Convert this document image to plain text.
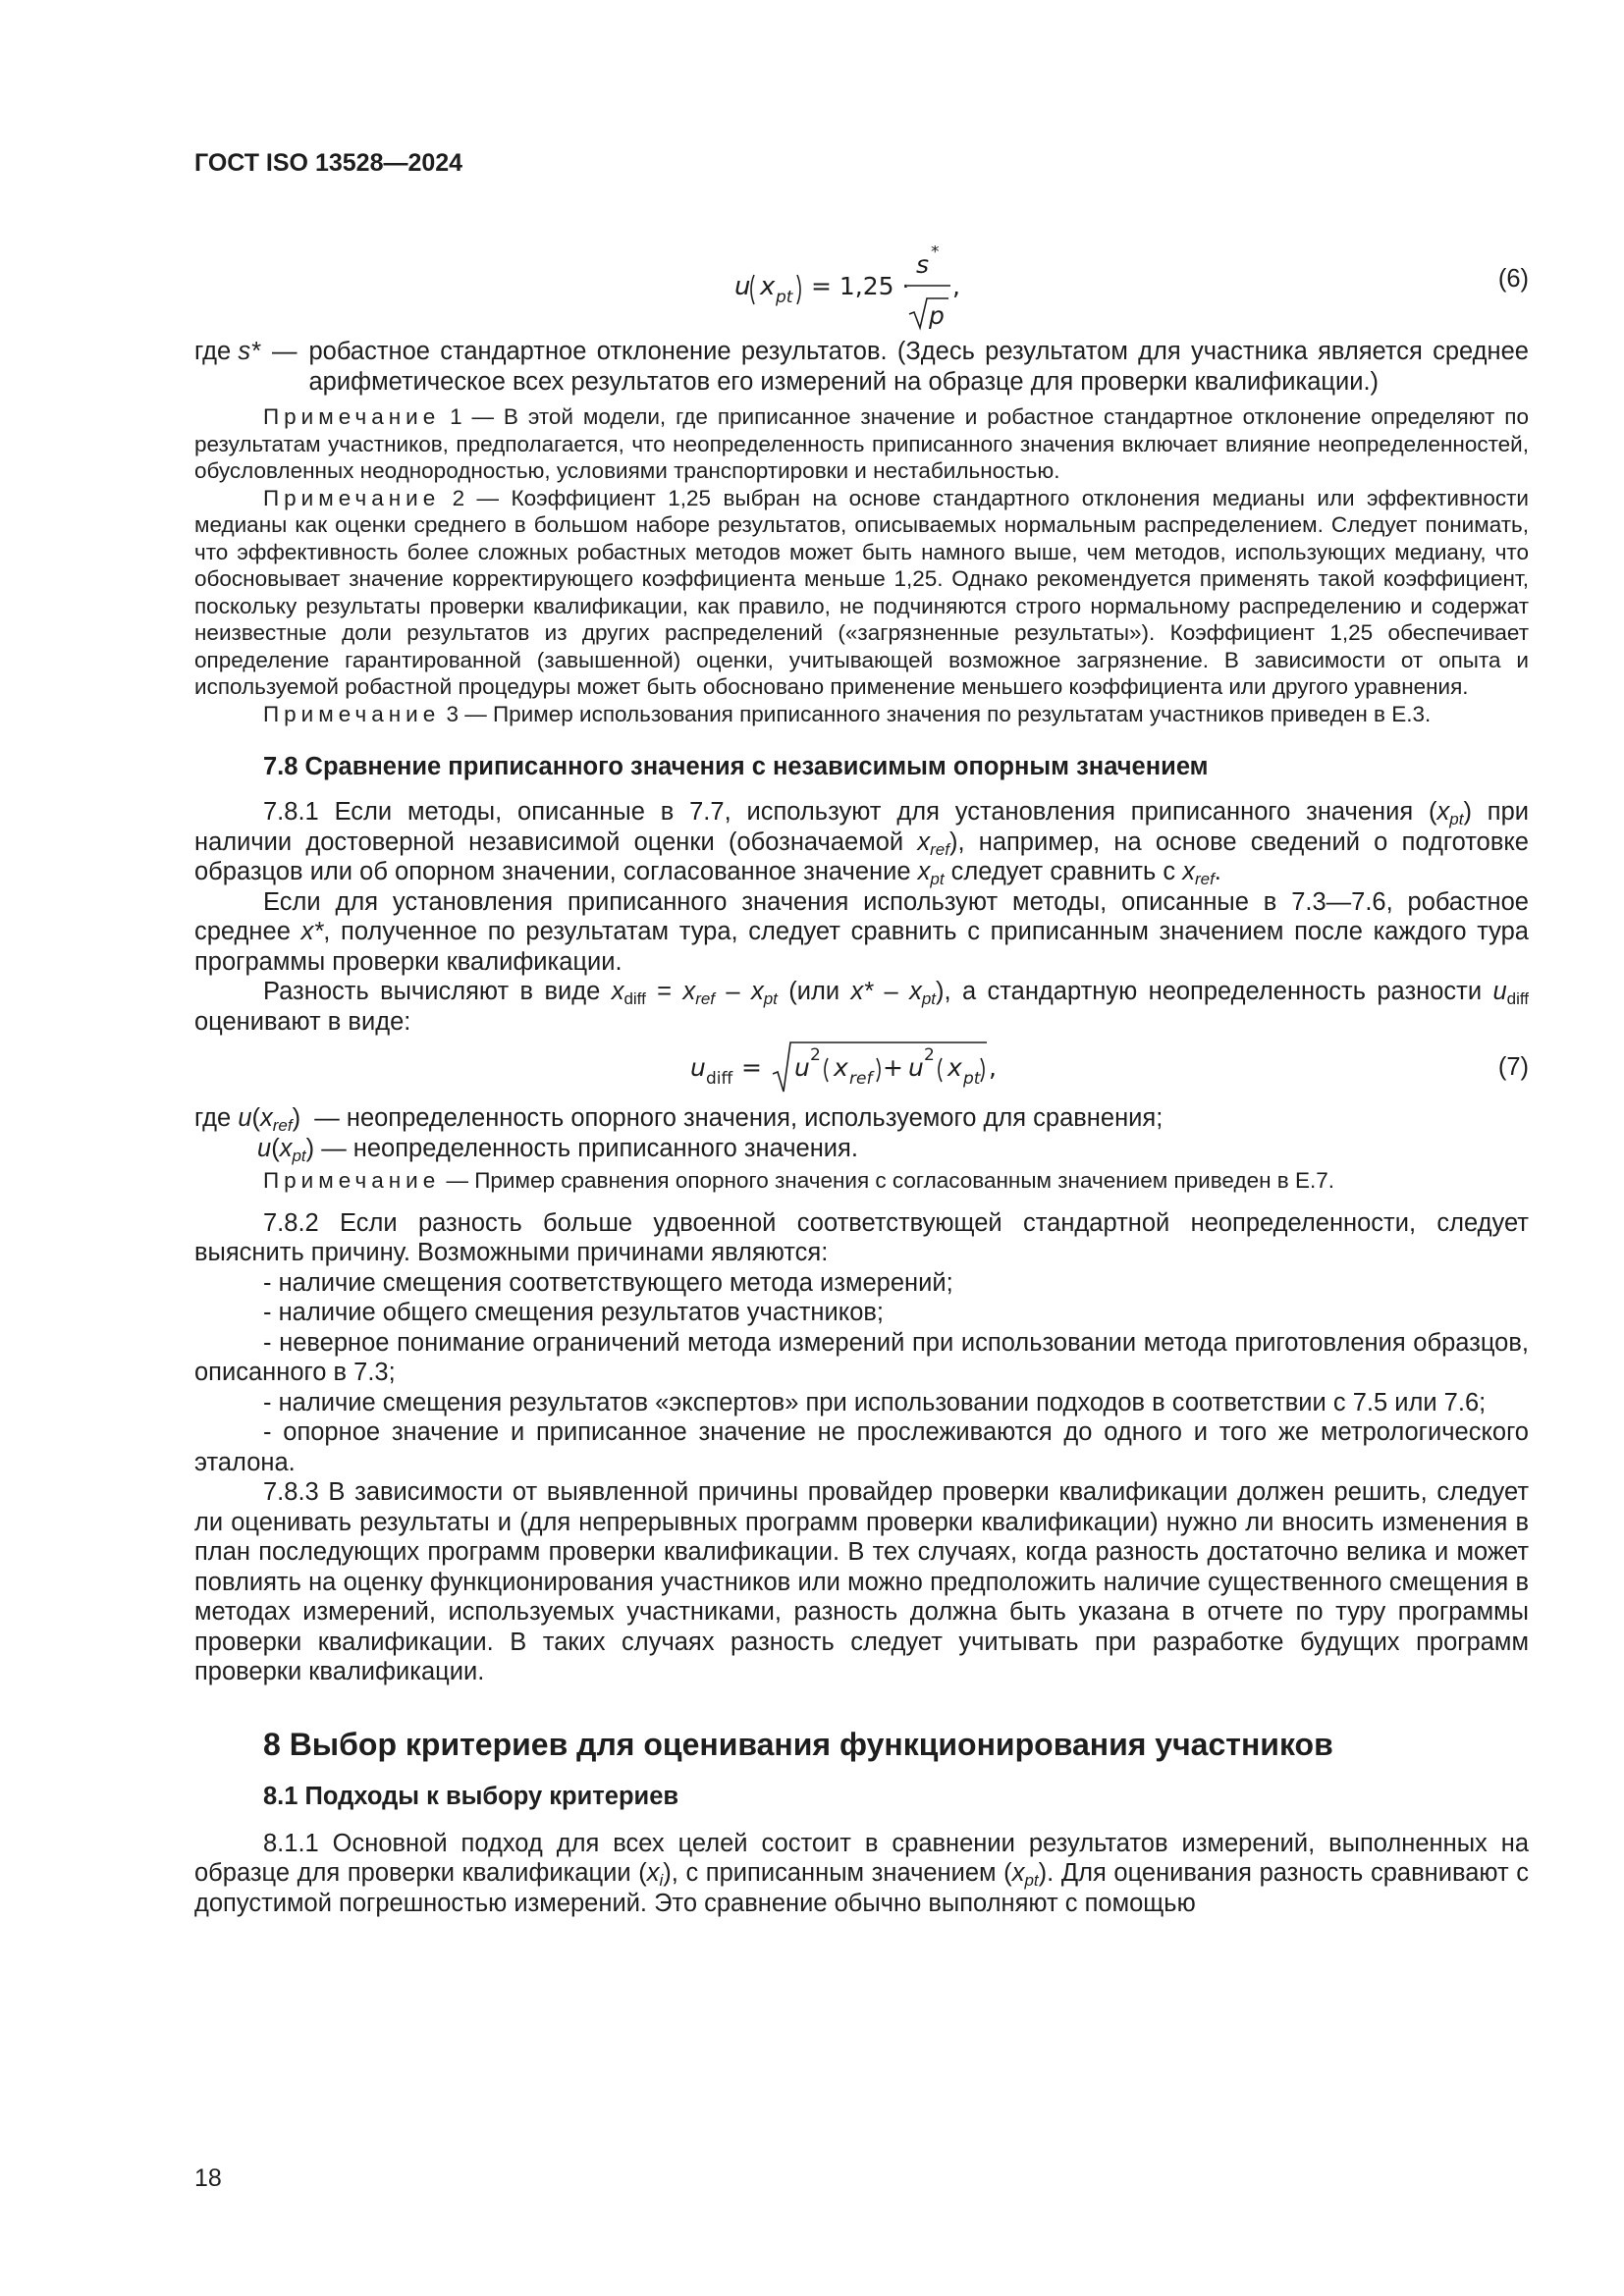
ГОСТ ISO 13528—2024
u x pt = 1,25 ·
s *
p
,	(6)
где s* — робастное стандартное отклонение результатов. (Здесь результатом для участника является среднее арифметическое всех результатов его измерений на образце для проверки квалификации.)

Примечание 1 — В этой модели, где приписанное значение и робастное стандартное отклонение определяют по результатам участников, предполагается, что неопределенность приписанного значения включает влияние неопределенностей, обусловленных неоднородностью, условиями транспортировки и нестабильностью.

Примечание 2 — Коэффициент 1,25 выбран на основе стандартного отклонения медианы или эффективности медианы как оценки среднего в большом наборе результатов, описываемых нормальным распределением. Следует понимать, что эффективность более сложных робастных методов может быть намного выше, чем методов, использующих медиану, что обосновывает значение корректирующего коэффициента меньше 1,25. Однако рекомендуется применять такой коэффициент, поскольку результаты проверки квалификации, как правило, не подчиняются строго нормальному распределению и содержат неизвестные доли результатов из других распределений («загрязненные результаты»). Коэффициент 1,25 обеспечивает определение гарантированной (завышенной) оценки, учитывающей возможное загрязнение. В зависимости от опыта и используемой робастной процедуры может быть обосновано применение меньшего коэффициента или другого уравнения.

Примечание 3 — Пример использования приписанного значения по результатам участников приведен в Е.3.

7.8 Сравнение приписанного значения с независимым опорным значением

7.8.1 Если методы, описанные в 7.7, используют для установления приписанного значения $(x_{pt})$ при наличии достоверной независимой оценки (обозначаемой $x_{ref}$), например, на основе сведений о подготовке образцов или об опорном значении, согласованное значение $x_{pt}$ следует сравнить с $x_{ref}$.

Если для установления приписанного значения используют методы, описанные в 7.3—7.6, робастное среднее x*, полученное по результатам тура, следует сравнить с приписанным значением после каждого тура программы проверки квалификации.

Разность вычисляют в виде $x_{diff} = x_{ref} - x_{pt}$ (или $x* - x_{pt}$), а стандартную неопределенность разности $u_{diff}$ оценивают в виде:

u diff = u 2 x ref + u 2 x pt ,	(7)

где $u(x_{ref})$  — неопределенность опорного значения, используемого для сравнения;

$u(x_{pt})$ — неопределенность приписанного значения.

Примечание — Пример сравнения опорного значения с согласованным значением приведен в Е.7.

7.8.2 Если разность больше удвоенной соответствующей стандартной неопределенности, следует выяснить причину. Возможными причинами являются:

- наличие смещения соответствующего метода измерений;

- наличие общего смещения результатов участников;

- неверное понимание ограничений метода измерений при использовании метода приготовления образцов, описанного в 7.3;

- наличие смещения результатов «экспертов» при использовании подходов в соответствии с 7.5 или 7.6;

- опорное значение и приписанное значение не прослеживаются до одного и того же метрологического эталона.

7.8.3 В зависимости от выявленной причины провайдер проверки квалификации должен решить, следует ли оценивать результаты и (для непрерывных программ проверки квалификации) нужно ли вносить изменения в план последующих программ проверки квалификации. В тех случаях, когда разность достаточно велика и может повлиять на оценку функционирования участников или можно предположить наличие существенного смещения в методах измерений, используемых участниками, разность должна быть указана в отчете по туру программы проверки квалификации. В таких случаях разность следует учитывать при разработке будущих программ проверки квалификации.

8 Выбор критериев для оценивания функционирования участников

8.1 Подходы к выбору критериев

8.1.1 Основной подход для всех целей состоит в сравнении результатов измерений, выполненных на образце для проверки квалификации $(x_i)$, с приписанным значением $(x_{pt})$. Для оценивания разность сравнивают с допустимой погрешностью измерений. Это сравнение обычно выполняют с помощью

18
